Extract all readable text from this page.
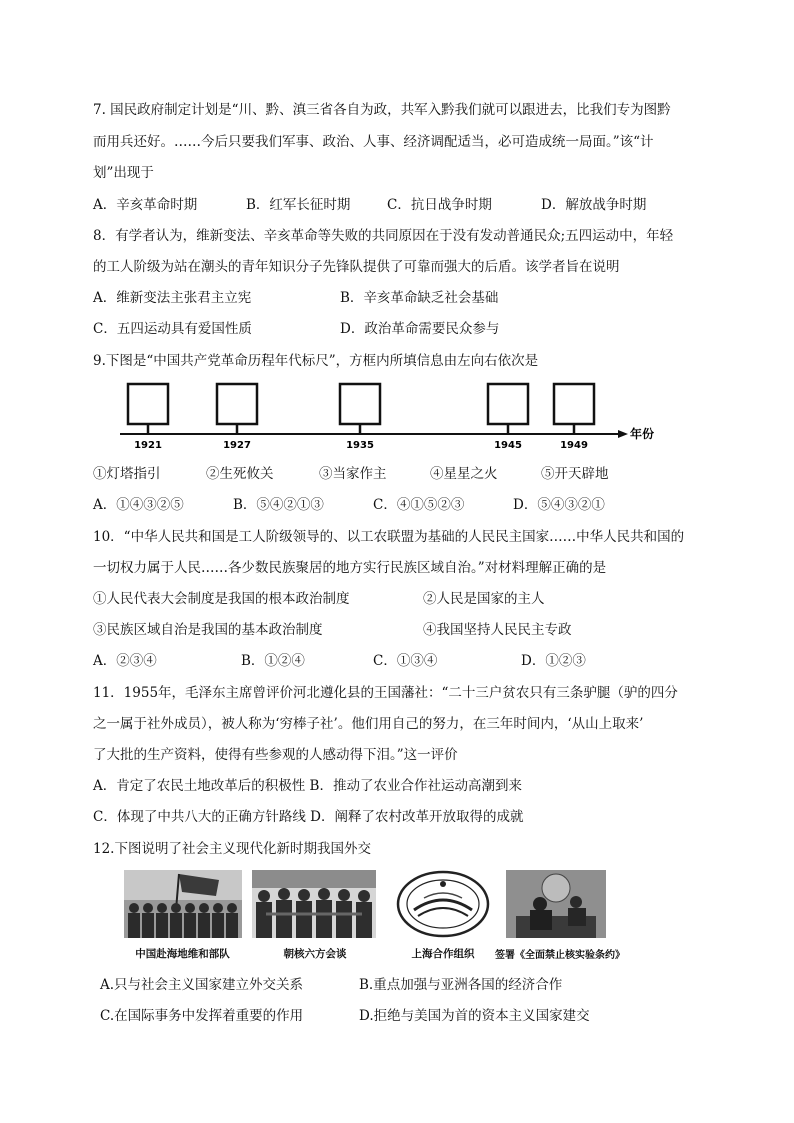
7. 国民政府制定计划是“川、黔、滇三省各自为政，共军入黔我们就可以跟进去，比我们专为图黔
而用兵还好。……今后只要我们军事、政治、人事、经济调配适当，必可造成统一局面。”该“计
划”出现于
A．辛亥革命时期	B．红军长征时期	C．抗日战争时期	D．解放战争时期
8．有学者认为，维新变法、辛亥革命等失败的共同原因在于没有发动普通民众;五四运动中，年轻
的工人阶级为站在潮头的青年知识分子先锋队提供了可靠而强大的后盾。该学者旨在说明
A．维新变法主张君主立宪	B．辛亥革命缺乏社会基础
C．五四运动具有爱国性质	D．政治革命需要民众参与
9.下图是“中国共产党革命历程年代标尺”，方框内所填信息由左向右依次是
1921	1927	1935	1945	1949
年份
①灯塔指引	②生死攸关	③当家作主	④星星之火	⑤开天辟地
A．①④③②⑤	B．⑤④②①③	C．④①⑤②③	D．⑤④③②①
10．“中华人民共和国是工人阶级领导的、以工农联盟为基础的人民民主国家……中华人民共和国的
一切权力属于人民……各少数民族聚居的地方实行民族区域自治。”对材料理解正确的是
①人民代表大会制度是我国的根本政治制度	②人民是国家的主人
③民族区域自治是我国的基本政治制度	④我国坚持人民民主专政
A．②③④	B．①②④	C．①③④	D．①②③
11．1955年，毛泽东主席曾评价河北遵化县的王国藩社：“二十三户贫农只有三条驴腿（驴的四分
之一属于社外成员），被人称为‘穷棒子社’。他们用自己的努力，在三年时间内，‘从山上取来’
了大批的生产资料，使得有些参观的人感动得下泪。”这一评价
A．肯定了农民土地改革后的积极性 B．推动了农业合作社运动高潮到来
C．体现了中共八大的正确方针路线 D．阐释了农村改革开放取得的成就
12.下图说明了社会主义现代化新时期我国外交
中国赴海地维和部队	朝核六方会谈	上海合作组织	签署《全面禁止核实验条约》
A.只与社会主义国家建立外交关系	B.重点加强与亚洲各国的经济合作
C.在国际事务中发挥着重要的作用	D.拒绝与美国为首的资本主义国家建交
